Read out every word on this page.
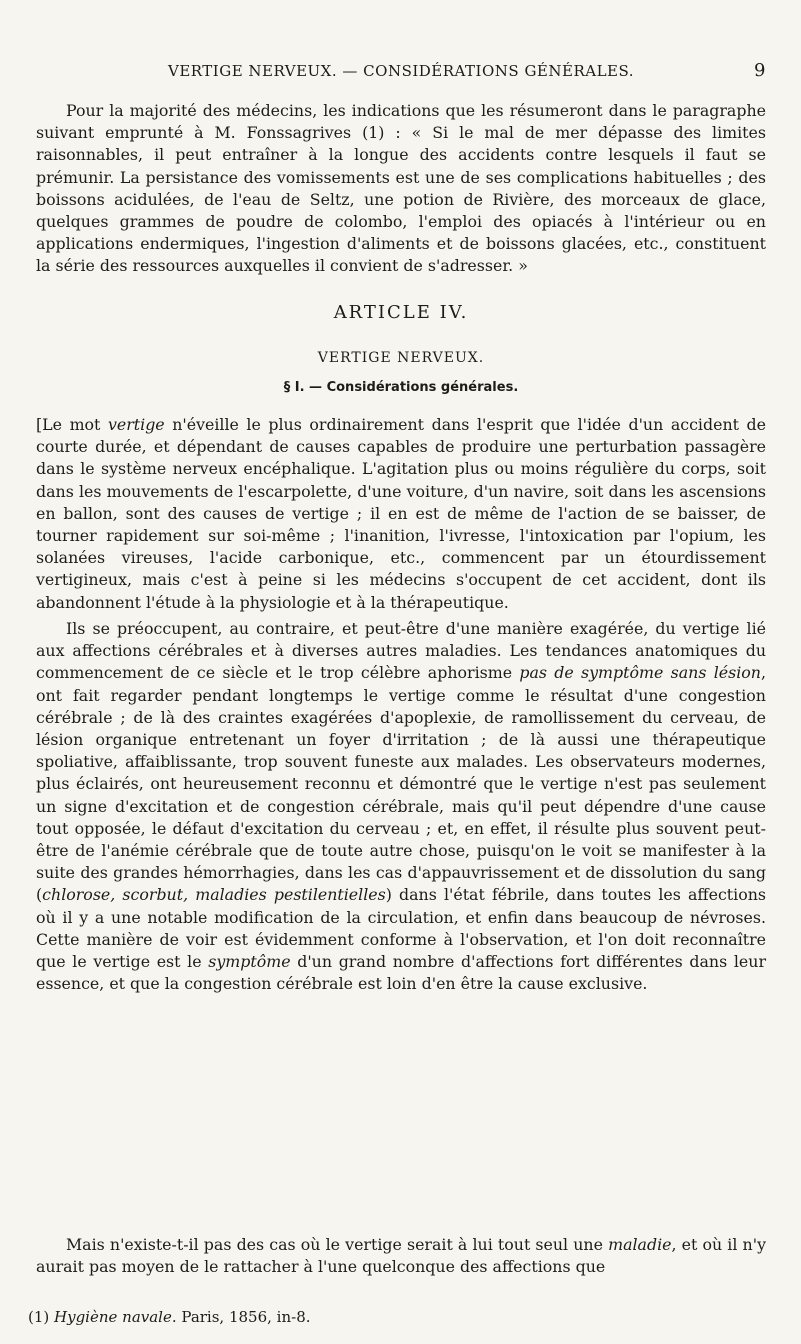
VERTIGE NERVEUX. — CONSIDÉRATIONS GÉNÉRALES.	9

Pour la majorité des médecins, les indications que les résumeront dans le paragraphe suivant emprunté à M. Fonssagrives (1) : « Si le mal de mer dépasse des limites raisonnables, il peut entraîner à la longue des accidents contre lesquels il faut se prémunir. La persistance des vomissements est une de ses complications habituelles ; des boissons acidulées, de l'eau de Seltz, une potion de Rivière, des morceaux de glace, quelques grammes de poudre de colombo, l'emploi des opiacés à l'intérieur ou en applications endermiques, l'ingestion d'aliments et de boissons glacées, etc., constituent la série des ressources auxquelles il convient de s'adresser. »

ARTICLE IV.
VERTIGE NERVEUX.
§ I. — Considérations générales.

[Le mot vertige n'éveille le plus ordinairement dans l'esprit que l'idée d'un accident de courte durée, et dépendant de causes capables de produire une perturbation passagère dans le système nerveux encéphalique. L'agitation plus ou moins régulière du corps, soit dans les mouvements de l'escarpolette, d'une voiture, d'un navire, soit dans les ascensions en ballon, sont des causes de vertige ; il en est de même de l'action de se baisser, de tourner rapidement sur soi-même ; l'inanition, l'ivresse, l'intoxication par l'opium, les solanées vireuses, l'acide carbonique, etc., commencent par un étourdissement vertigineux, mais c'est à peine si les médecins s'occupent de cet accident, dont ils abandonnent l'étude à la physiologie et à la thérapeutique.

Ils se préoccupent, au contraire, et peut-être d'une manière exagérée, du vertige lié aux affections cérébrales et à diverses autres maladies. Les tendances anatomiques du commencement de ce siècle et le trop célèbre aphorisme pas de symptôme sans lésion, ont fait regarder pendant longtemps le vertige comme le résultat d'une congestion cérébrale ; de là des craintes exagérées d'apoplexie, de ramollissement du cerveau, de lésion organique entretenant un foyer d'irritation ; de là aussi une thérapeutique spoliative, affaiblissante, trop souvent funeste aux malades. Les observateurs modernes, plus éclairés, ont heureusement reconnu et démontré que le vertige n'est pas seulement un signe d'excitation et de congestion cérébrale, mais qu'il peut dépendre d'une cause tout opposée, le défaut d'excitation du cerveau ; et, en effet, il résulte plus souvent peut-être de l'anémie cérébrale que de toute autre chose, puisqu'on le voit se manifester à la suite des grandes hémorrhagies, dans les cas d'appauvrissement et de dissolution du sang (chlorose, scorbut, maladies pestilentielles) dans l'état fébrile, dans toutes les affections où il y a une notable modification de la circulation, et enfin dans beaucoup de névroses. Cette manière de voir est évidemment conforme à l'observation, et l'on doit reconnaître que le vertige est le symptôme d'un grand nombre d'affections fort différentes dans leur essence, et que la congestion cérébrale est loin d'en être la cause exclusive.

Mais n'existe-t-il pas des cas où le vertige serait à lui tout seul une maladie, et où il n'y aurait pas moyen de le rattacher à l'une quelconque des affections que

(1) Hygiène navale. Paris, 1856, in-8.
